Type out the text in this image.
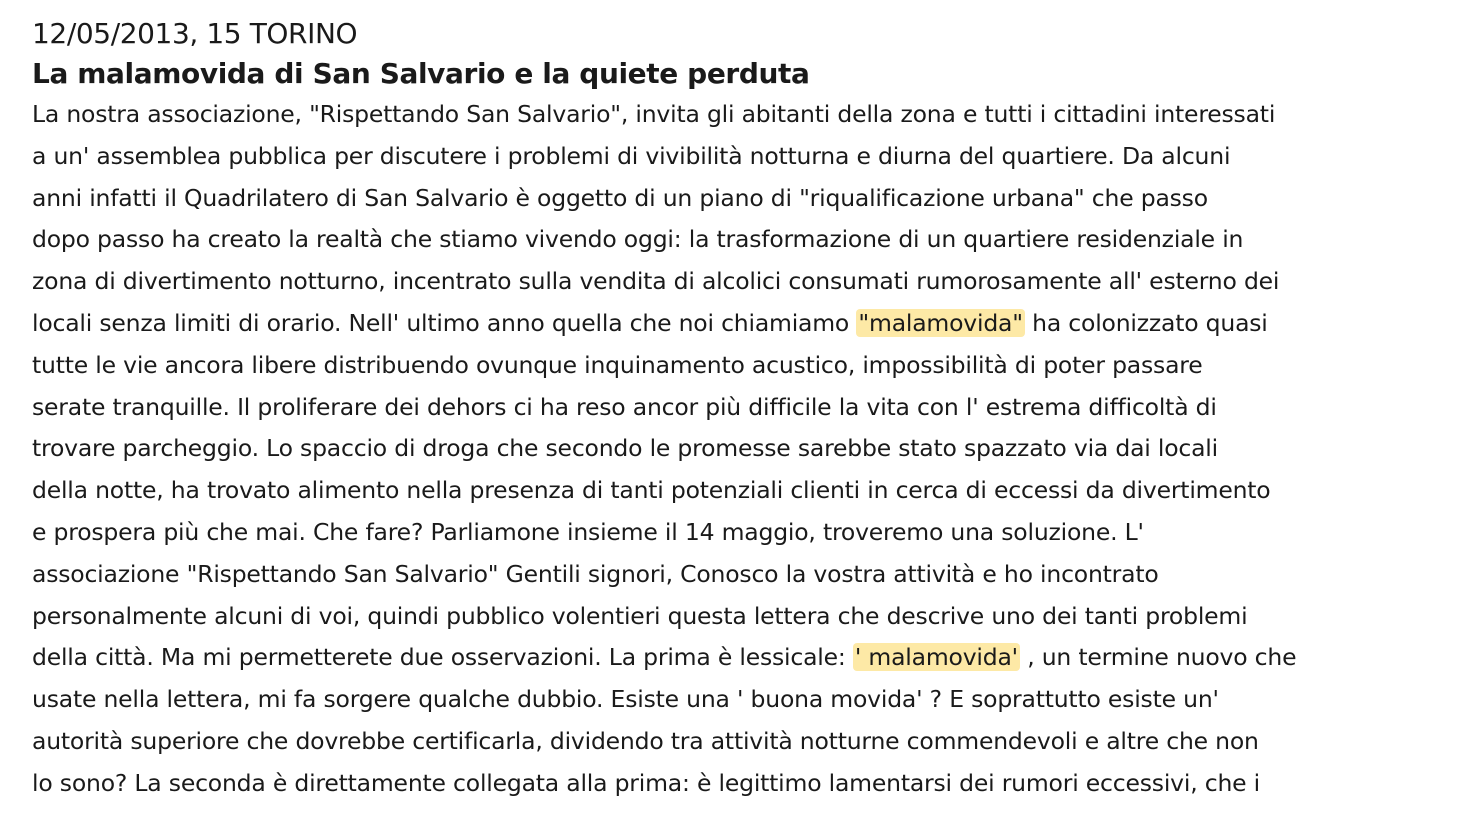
12/05/2013, 15 TORINO
La malamovida di San Salvario e la quiete perduta
La nostra associazione, "Rispettando San Salvario", invita gli abitanti della zona e tutti i cittadini interessati
a un' assemblea pubblica per discutere i problemi di vivibilità notturna e diurna del quartiere. Da alcuni
anni infatti il Quadrilatero di San Salvario è oggetto di un piano di "riqualificazione urbana" che passo
dopo passo ha creato la realtà che stiamo vivendo oggi: la trasformazione di un quartiere residenziale in
zona di divertimento notturno, incentrato sulla vendita di alcolici consumati rumorosamente all' esterno dei
locali senza limiti di orario. Nell' ultimo anno quella che noi chiamiamo "malamovida" ha colonizzato quasi
tutte le vie ancora libere distribuendo ovunque inquinamento acustico, impossibilità di poter passare
serate tranquille. Il proliferare dei dehors ci ha reso ancor più difficile la vita con l' estrema difficoltà di
trovare parcheggio. Lo spaccio di droga che secondo le promesse sarebbe stato spazzato via dai locali
della notte, ha trovato alimento nella presenza di tanti potenziali clienti in cerca di eccessi da divertimento
e prospera più che mai. Che fare? Parliamone insieme il 14 maggio, troveremo una soluzione. L'
associazione "Rispettando San Salvario" Gentili signori, Conosco la vostra attività e ho incontrato
personalmente alcuni di voi, quindi pubblico volentieri questa lettera che descrive uno dei tanti problemi
della città. Ma mi permetterete due osservazioni. La prima è lessicale: ' malamovida' , un termine nuovo che
usate nella lettera, mi fa sorgere qualche dubbio. Esiste una ' buona movida' ? E soprattutto esiste un'
autorità superiore che dovrebbe certificarla, dividendo tra attività notturne commendevoli e altre che non
lo sono? La seconda è direttamente collegata alla prima: è legittimo lamentarsi dei rumori eccessivi, che i
